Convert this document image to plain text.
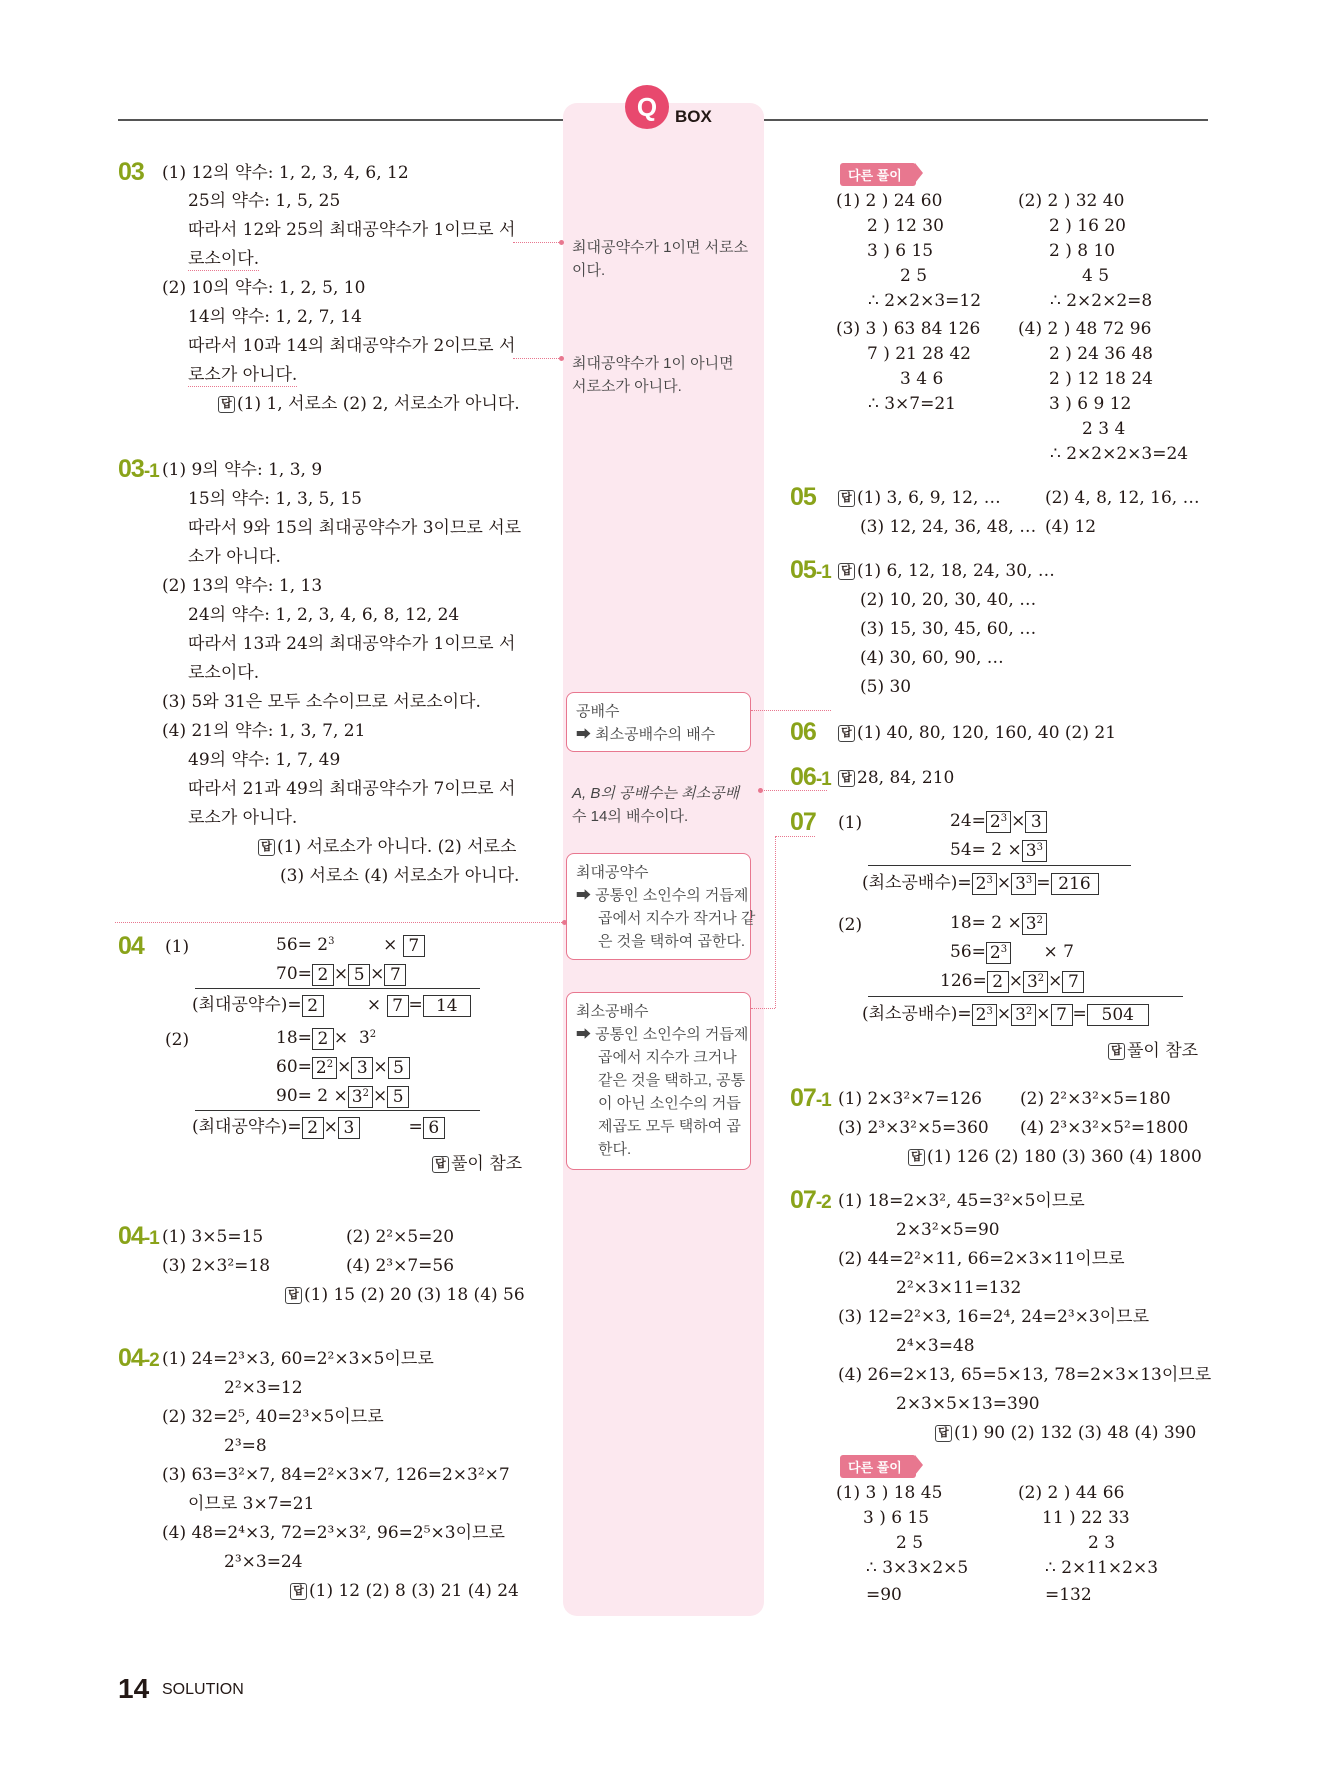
Q	BOX
03 (1) 12의 약수: 1, 2, 3, 4, 6, 12
25의 약수: 1, 5, 25
따라서 12와 25의 최대공약수가 1이므로 서
로소이다.
(2) 10의 약수: 1, 2, 5, 10
14의 약수: 1, 2, 7, 14
따라서 10과 14의 최대공약수가 2이므로 서
로소가 아니다.
답 (1) 1, 서로소 (2) 2, 서로소가 아니다.
03-1 (1) 9의 약수: 1, 3, 9
15의 약수: 1, 3, 5, 15
따라서 9와 15의 최대공약수가 3이므로 서로
소가 아니다.
(2) 13의 약수: 1, 13
24의 약수: 1, 2, 3, 4, 6, 8, 12, 24
따라서 13과 24의 최대공약수가 1이므로 서
로소이다.
(3) 5와 31은 모두 소수이므로 서로소이다.
(4) 21의 약수: 1, 3, 7, 21
49의 약수: 1, 7, 49
따라서 21과 49의 최대공약수가 7이므로 서
로소가 아니다.
답 (1) 서로소가 아니다. (2) 서로소
(3) 서로소 (4) 서로소가 아니다.
04 (1)	$56= 2^3$         × 7
70= 2 × 5 × 7
(최대공약수)= 2        × 7 = 14
(2)	$18= 2 \times 3^2$
$60= 2^2 \times 3 \times 5$
$90= 2 \times 3^2 \times 5$
(최대공약수)= 2 × 3         = 6
답 풀이 참조
04-1 (1) 3×5=15	(2) 2²×5=20
(3) 2×3²=18	(4) 2³×7=56
답 (1) 15 (2) 20 (3) 18 (4) 56
04-2 (1) 24=2³×3, 60=2²×3×5이므로
2²×3=12
(2) 32=2⁵, 40=2³×5이므로
2³=8
(3) 63=3²×7, 84=2²×3×7, 126=2×3²×7
이므로 3×7=21
(4) 48=2⁴×3, 72=2³×3², 96=2⁵×3이므로
2³×3=24
답 (1) 12 (2) 8 (3) 21 (4) 24
최대공약수가 1이면 서로소
이다.
최대공약수가 1이 아니면
서로소가 아니다.
공배수
➡ 최소공배수의 배수
A, B의 공배수는 최소공배
수 14의 배수이다.
최대공약수
➡ 공통인 소인수의 거듭제
곱에서 지수가 작거나 같
은 것을 택하여 곱한다.
최소공배수
➡ 공통인 소인수의 거듭제
곱에서 지수가 크거나
같은 것을 택하고, 공통
이 아닌 소인수의 거듭
제곱도 모두 택하여 곱
한다.
다른 풀이
(1) 2 ) 24 60
2 ) 12 30
3 ) 6 15
2 5
∴ 2×2×3=12
(2) 2 ) 32 40
2 ) 16 20
2 ) 8 10
4 5
∴ 2×2×2=8
(3) 3 ) 63 84 126
7 ) 21 28 42
3 4 6
∴ 3×7=21
(4) 2 ) 48 72 96
2 ) 24 36 48
2 ) 12 18 24
3 ) 6 9 12
2 3 4
∴ 2×2×2×3=24
05 답 (1) 3, 6, 9, 12, …	(2) 4, 8, 12, 16, …
(3) 12, 24, 36, 48, … (4) 12
05-1 답 (1) 6, 12, 18, 24, 30, …
(2) 10, 20, 30, 40, …
(3) 15, 30, 45, 60, …
(4) 30, 60, 90, …
(5) 30
06 답 (1) 40, 80, 120, 160, 40 (2) 21
06-1 답 28, 84, 210
07 (1)	$24= 2^3 \times 3$
$54= 2 \times 3^3$
(최소공배수)= $2^3 \times 3^3 = 216$
(2)	$18= 2 \times 3^2$
$56= 2^3 \times 7$
$126= 2 \times 3^2 \times 7$
(최소공배수)= $2^3 \times 3^2 \times 7 = 504$
답 풀이 참조
07-1 (1) 2×3²×7=126 (2) 2²×3²×5=180
(3) 2³×3²×5=360 (4) 2³×3²×5²=1800
답 (1) 126 (2) 180 (3) 360 (4) 1800
07-2 (1) 18=2×3², 45=3²×5이므로
2×3²×5=90
(2) 44=2²×11, 66=2×3×11이므로
2²×3×11=132
(3) 12=2²×3, 16=2⁴, 24=2³×3이므로
2⁴×3=48
(4) 26=2×13, 65=5×13, 78=2×3×13이므로
2×3×5×13=390
답 (1) 90 (2) 132 (3) 48 (4) 390
다른 풀이
(1) 3 ) 18 45
3 ) 6 15
2 5
∴ 3×3×2×5
=90
(2) 2 ) 44 66
11 ) 22 33
2 3
∴ 2×11×2×3
=132
14 SOLUTION
